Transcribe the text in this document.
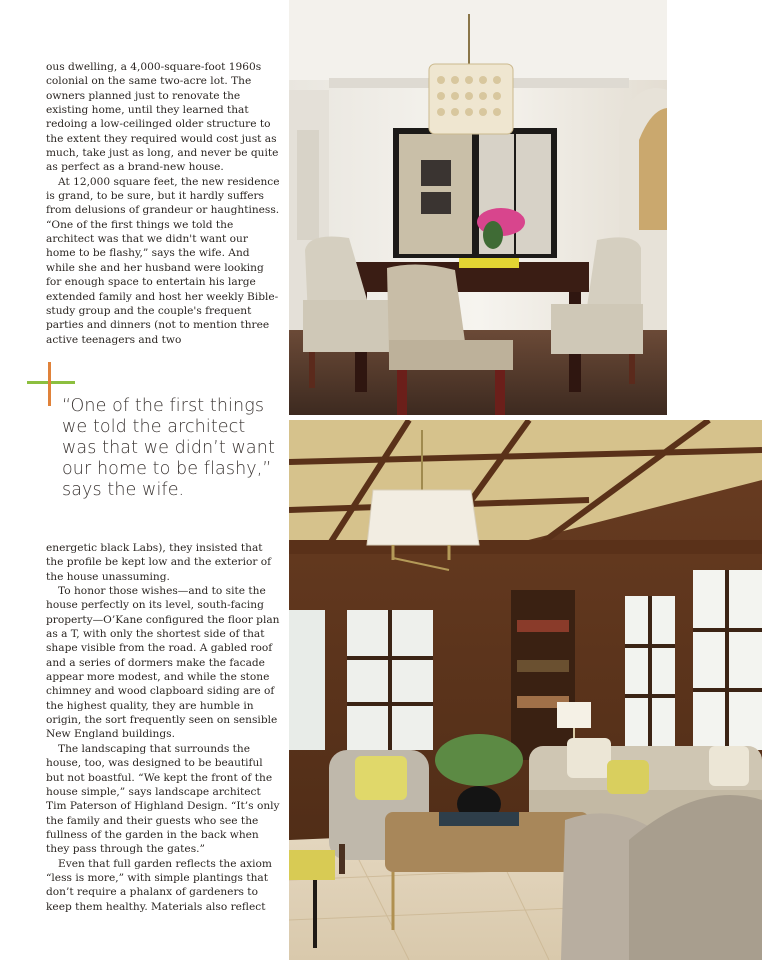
ous dwelling, a 4,000-square-foot 1960s colonial on the same two-acre lot. The owners planned just to renovate the existing home, until they learned that redoing a low-ceilinged older structure to the extent they required would cost just as much, take just as long, and never be quite as perfect as a brand-new house.

At 12,000 square feet, the new residence is grand, to be sure, but it hardly suffers from delusions of grandeur or haughtiness. “One of the first things we told the architect was that we didn't want our home to be flashy,” says the wife. And while she and her husband were looking for enough space to entertain his large extended family and host her weekly Bible-study group and the couple's frequent parties and dinners (not to mention three active teenagers and two

“One of the first things we told the architect was that we didn’t want our home to be flashy,” says the wife.

energetic black Labs), they insisted that the profile be kept low and the exterior of the house unassuming.

To honor those wishes—and to site the house perfectly on its level, south-facing property—O’Kane configured the floor plan as a T, with only the shortest side of that shape visible from the road. A gabled roof and a series of dormers make the facade appear more modest, and while the stone chimney and wood clapboard siding are of the highest quality, they are humble in origin, the sort frequently seen on sensible New England buildings.

The landscaping that surrounds the house, too, was designed to be beautiful but not boastful. “We kept the front of the house simple,” says landscape architect Tim Paterson of Highland Design. “It’s only the family and their guests who see the fullness of the garden in the back when they pass through the gates.”

Even that full garden reflects the axiom “less is more,” with simple plantings that don’t require a phalanx of gardeners to keep them healthy. Materials also reflect
